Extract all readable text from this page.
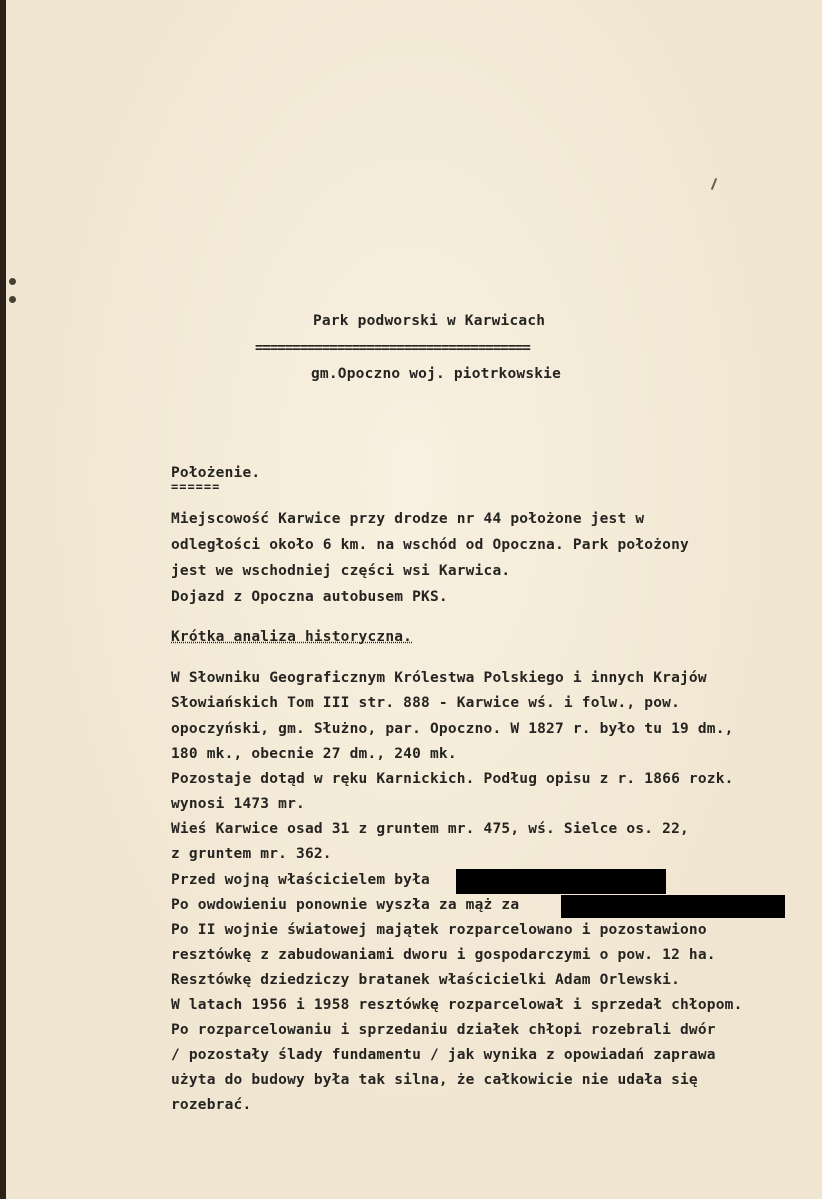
Park podworski w Karwicach
=====================================
gm.Opoczno woj. piotrkowskie
Położenie.
======
Miejscowość Karwice przy drodze nr 44 położone jest w
odległości około 6 km. na wschód od Opoczna. Park położony
jest we wschodniej części wsi Karwica.
Dojazd z Opoczna autobusem PKS.
Krótka analiza historyczna.
W Słowniku Geograficznym Królestwa Polskiego i innych Krajów
Słowiańskich Tom III str. 888 - Karwice wś. i folw., pow.
opoczyński, gm. Służno, par. Opoczno. W 1827 r. było tu 19 dm.,
180 mk., obecnie 27 dm., 240 mk.
Pozostaje dotąd w ręku Karnickich. Podług opisu z r. 1866 rozk.
wynosi 1473 mr.
Wieś Karwice osad 31 z gruntem mr. 475, wś. Sielce os. 22,
z gruntem mr. 362.
Przed wojną właścicielem była
Po owdowieniu ponownie wyszła za mąż za
Po II wojnie światowej majątek rozparcelowano i pozostawiono
resztówkę z zabudowaniami dworu i gospodarczymi o pow. 12 ha.
Resztówkę dziedziczy bratanek właścicielki Adam Orlewski.
W latach 1956 i 1958 resztówkę rozparcelował i sprzedał chłopom.
Po rozparcelowaniu i sprzedaniu działek chłopi rozebrali dwór
/ pozostały ślady fundamentu / jak wynika z opowiadań zaprawa
użyta do budowy była tak silna, że całkowicie nie udała się
rozebrać.
